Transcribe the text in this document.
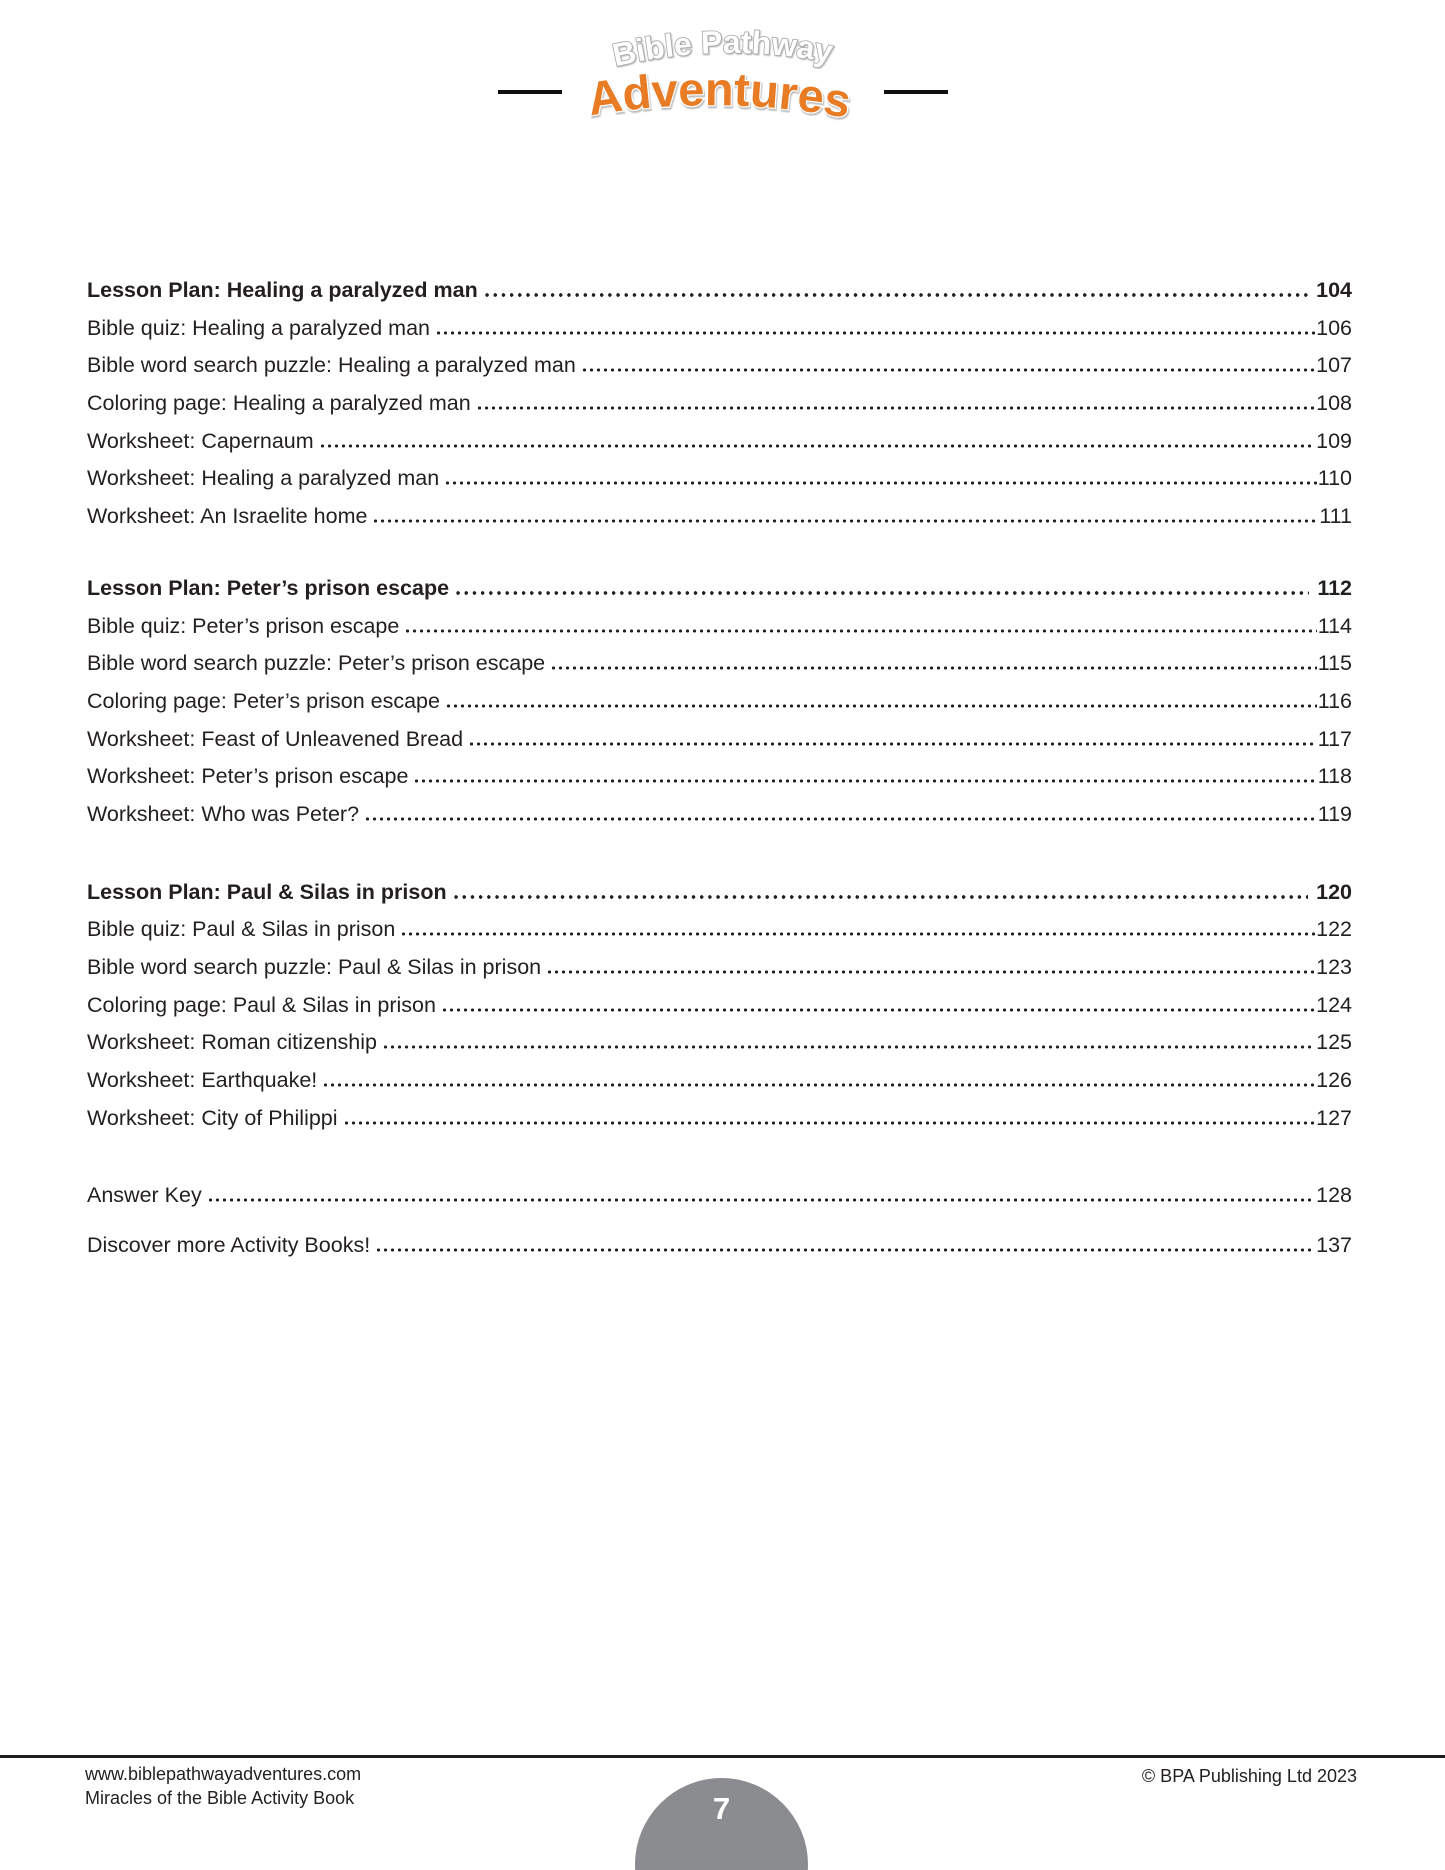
Bible Pathway
Adventures
Lesson Plan: Healing a paralyzed man	104
Bible quiz: Healing a paralyzed man	106
Bible word search puzzle: Healing a paralyzed man	107
Coloring page: Healing a paralyzed man	108
Worksheet: Capernaum	109
Worksheet: Healing a paralyzed man	110
Worksheet: An Israelite home	111
Lesson Plan: Peter’s prison escape	112
Bible quiz: Peter’s prison escape	114
Bible word search puzzle: Peter’s prison escape	115
Coloring page: Peter’s prison escape	116
Worksheet: Feast of Unleavened Bread	117
Worksheet: Peter’s prison escape	118
Worksheet: Who was Peter?	119
Lesson Plan: Paul & Silas in prison	120
Bible quiz: Paul & Silas in prison	122
Bible word search puzzle: Paul & Silas in prison	123
Coloring page: Paul & Silas in prison	124
Worksheet: Roman citizenship	125
Worksheet: Earthquake!	126
Worksheet: City of Philippi	127
Answer Key	128
Discover more Activity Books!	137
www.biblepathwayadventures.com
Miracles of the Bible Activity Book
© BPA Publishing Ltd 2023
7
